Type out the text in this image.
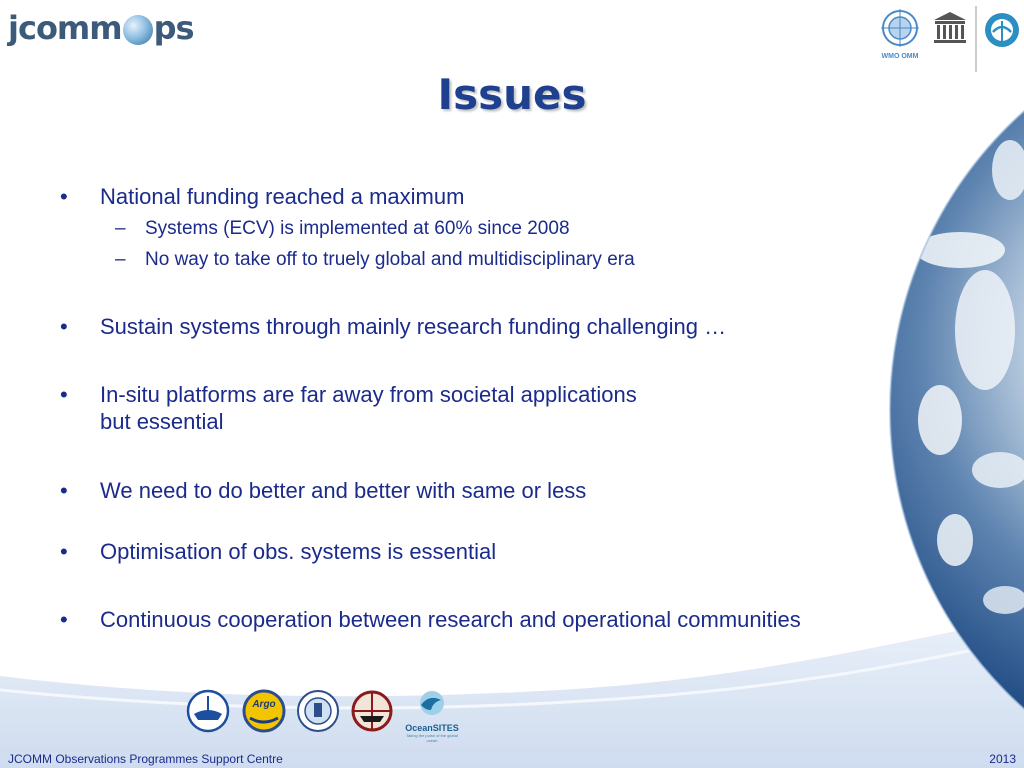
jcomm ps
WMO OMM
Issues
• National funding reached a maximum
– Systems (ECV) is implemented at 60% since 2008
– No way to take off to truely global and multidisciplinary era
• Sustain systems through mainly research funding challenging …
• In-situ platforms are far away from societal applications
but essential
• We need to do better and better with same or less
• Optimisation of obs. systems is essential
• Continuous cooperation between research and operational communities
Argo
OceanSITES
Taking the pulse of the global ocean
JCOMM Observations Programmes Support Centre	2013
